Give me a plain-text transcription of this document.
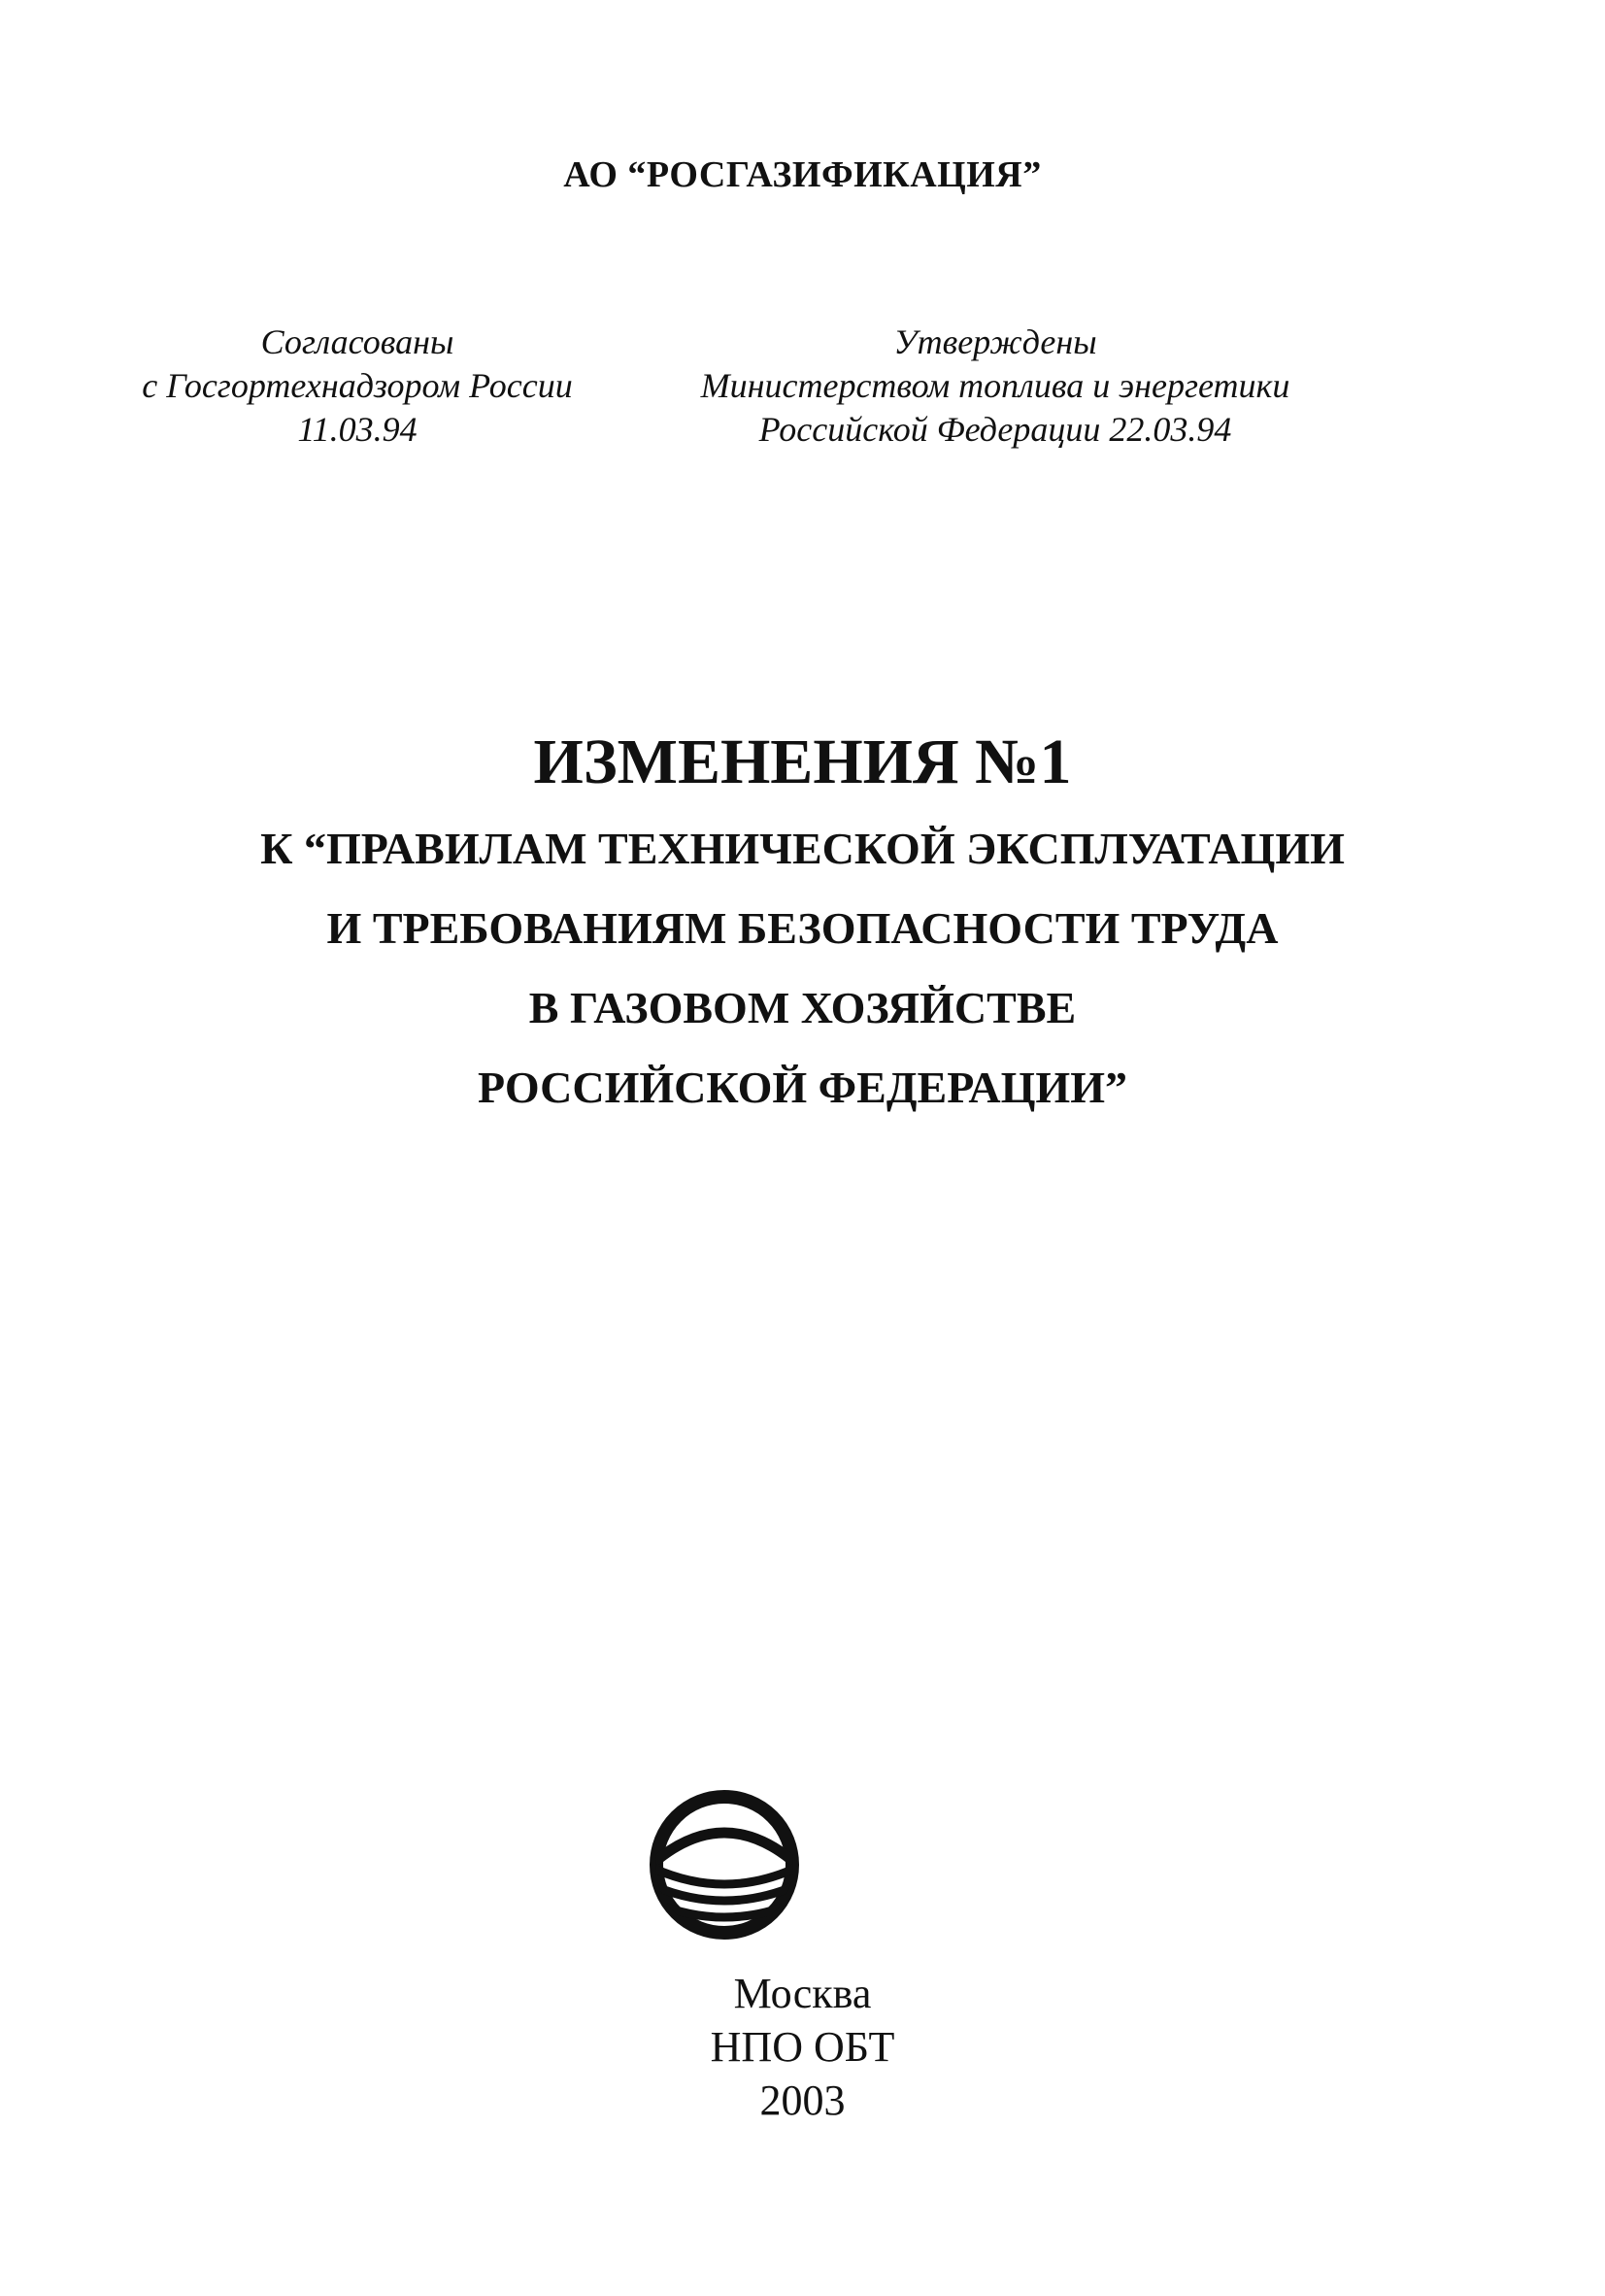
АО “РОСГАЗИФИКАЦИЯ”
Согласованы
с Госгортехнадзором России
11.03.94
Утверждены
Министерством топлива и энергетики
Российской Федерации 22.03.94
ИЗМЕНЕНИЯ №1
К “ПРАВИЛАМ ТЕХНИЧЕСКОЙ ЭКСПЛУАТАЦИИ
И ТРЕБОВАНИЯМ БЕЗОПАСНОСТИ ТРУДА
В ГАЗОВОМ ХОЗЯЙСТВЕ
РОССИЙСКОЙ ФЕДЕРАЦИИ”
Москва
НПО ОБТ
2003
